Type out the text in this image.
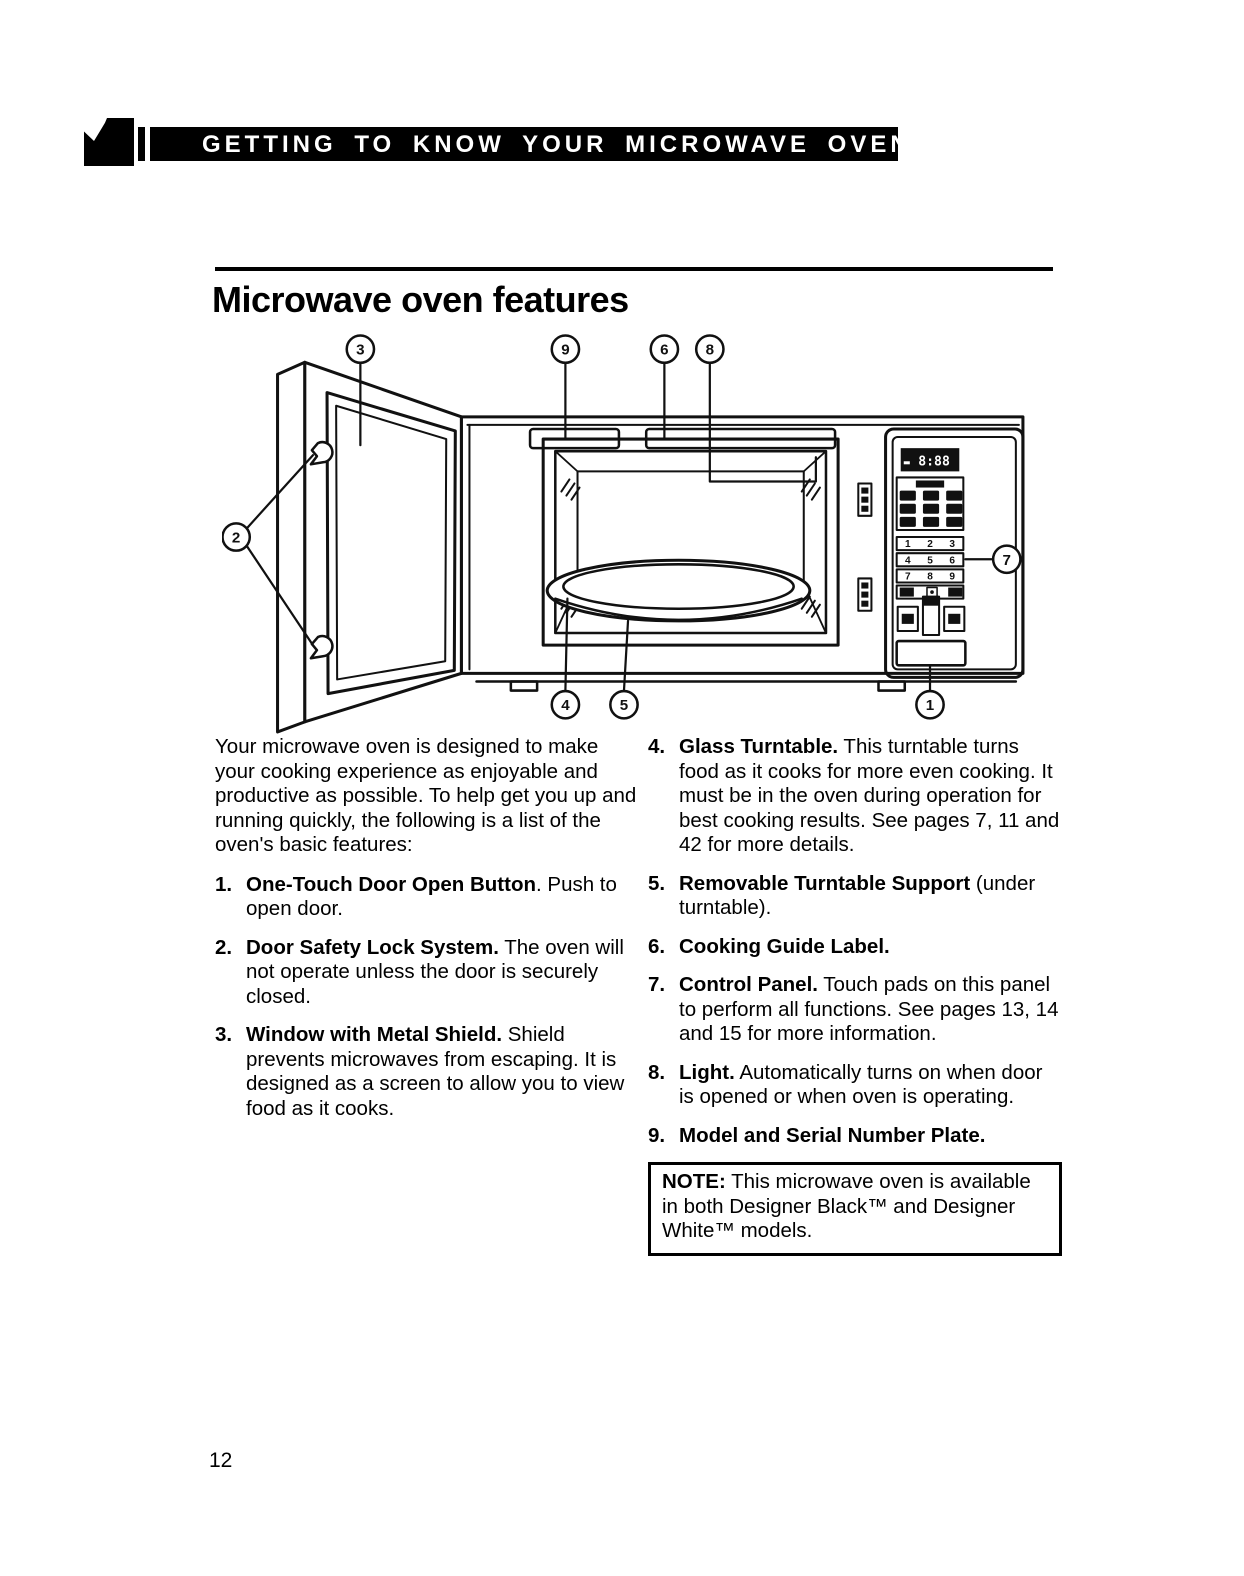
GETTING TO KNOW YOUR MICROWAVE OVEN
Microwave oven features
8:88
1 2 3
4 5 6
7 8 9
3	9	6 8
2
7
4	5	1

Your microwave oven is designed to make your cooking experience as enjoyable and productive as possible. To help get you up and running quickly, the following is a list of the oven's basic features:

1. One-Touch Door Open Button. Push to open door.
2. Door Safety Lock System. The oven will not operate unless the door is securely closed.
3. Window with Metal Shield. Shield prevents microwaves from escaping. It is designed as a screen to allow you to view food as it cooks.
4. Glass Turntable. This turntable turns food as it cooks for more even cooking. It must be in the oven during operation for best cooking results. See pages 7, 11 and 42 for more details.
5. Removable Turntable Support (under turntable).
6. Cooking Guide Label.
7. Control Panel. Touch pads on this panel to perform all functions. See pages 13, 14 and 15 for more information.
8. Light. Automatically turns on when door is opened or when oven is operating.
9. Model and Serial Number Plate.
NOTE: This microwave oven is available in both Designer Black™ and Designer White™ models.
12
